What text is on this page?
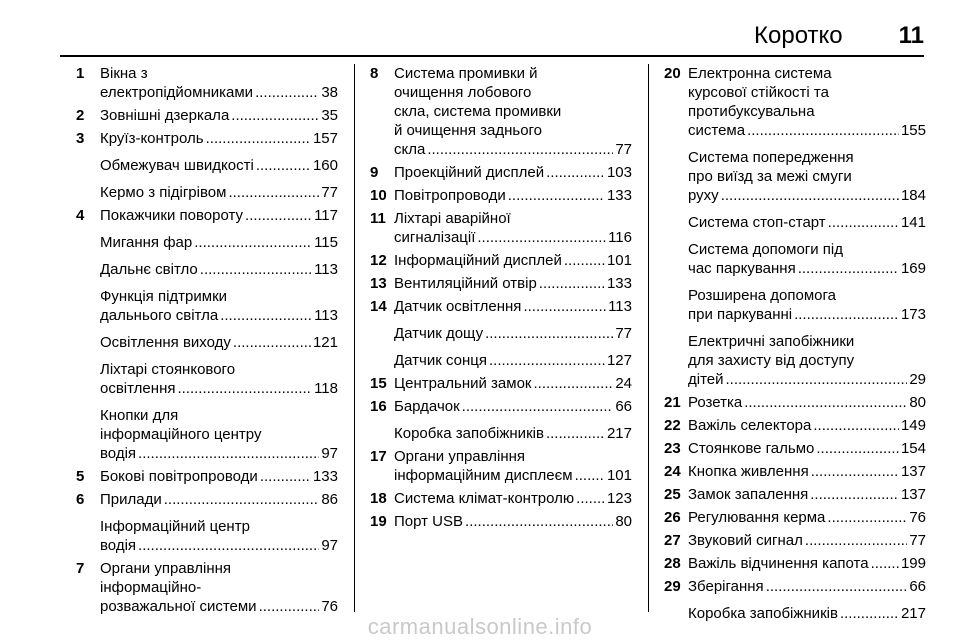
Коротко 11
1	Вікна з
електропідйомниками .....	38
2	Зовнішні дзеркала .....	35
3	Круїз-контроль .....	157
Обмежувач швидкості .....	160
Кермо з підігрівом .....	77
4	Покажчики повороту .....	117
Мигання фар .....	115
Дальнє світло .....	113
Функція підтримки
дальнього світла .....	113
Освітлення виходу .....	121
Ліхтарі стоянкового
освітлення .....	118
Кнопки для
інформаційного центру
водія .....	97
5	Бокові повітропроводи .....	133
6	Прилади .....	86
Інформаційний центр
водія .....	97
7	Органи управління
інформаційно-
розважальної системи .....	76
8	Система промивки й
очищення лобового
скла, система промивки
й очищення заднього
скла .....	77
9	Проекційний дисплей .....	103
10 Повітропроводи .....	133
11 Ліхтарі аварійної
сигналізації .....	116
12 Інформаційний дисплей .....	101
13 Вентиляційний отвір .....	133
14 Датчик освітлення .....	113
Датчик дощу .....	77
Датчик сонця .....	127
15 Центральний замок .....	24
16 Бардачок .....	66
Коробка запобіжників .....	217
17 Органи управління
інформаційним дисплеєм ..... 101
18 Система клімат-контролю ..... 123
19 Порт USB .....	80
20 Електронна система
курсової стійкості та
протибуксувальна
система .....	155
Система попередження
про виїзд за межі смуги
руху .....	184
Система стоп-старт .....	141
Система допомоги під
час паркування .....	169
Розширена допомога
при паркуванні .....	173
Електричні запобіжники
для захисту від доступу
дітей .....	29
21 Розетка .....	80
22 Важіль селектора .....	149
23 Стоянкове гальмо .....	154
24 Кнопка живлення .....	137
25 Замок запалення .....	137
26 Регулювання керма .....	76
27 Звуковий сигнал .....	77
28 Важіль відчинення капота ..... 199
29 Зберігання .....	66
Коробка запобіжників .....	217
carmanualsonline.info
